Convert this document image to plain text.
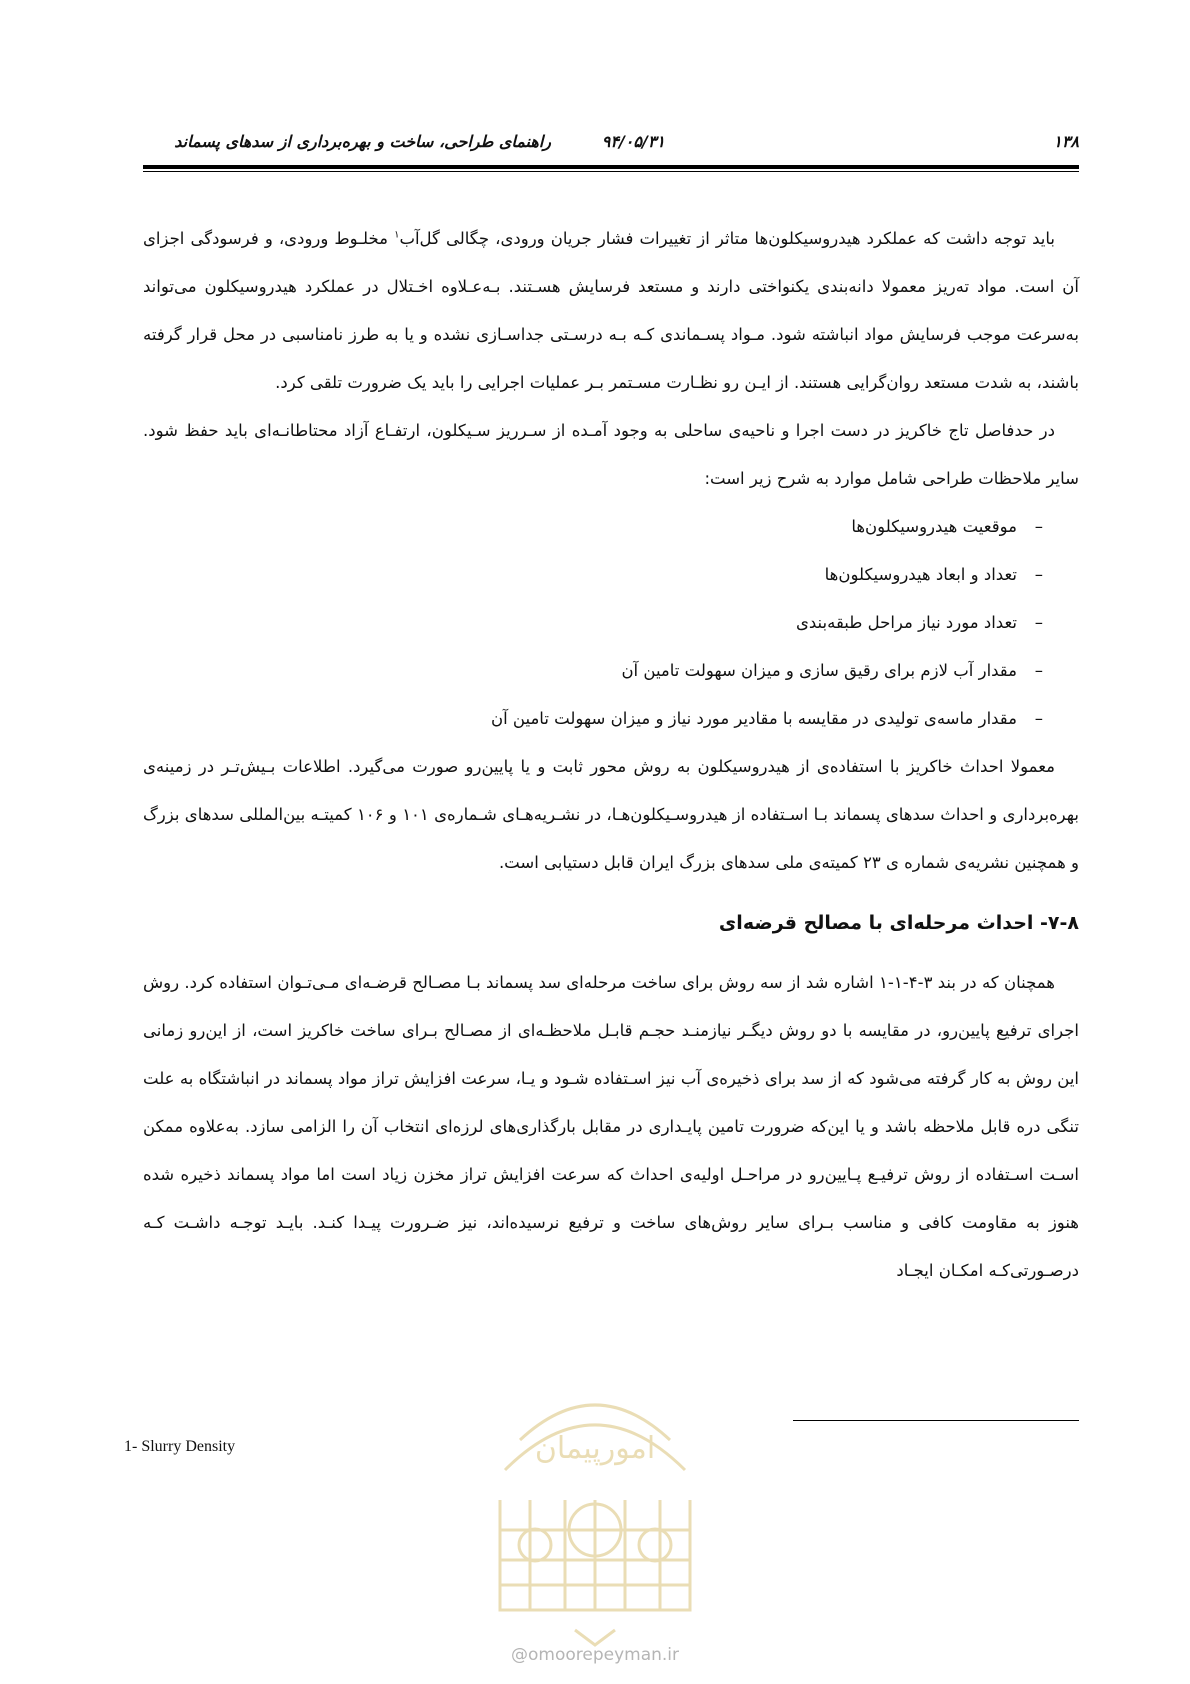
۱۳۸
۹۴/۰۵/۳۱
راهنمای طراحی، ساخت و بهره‌برداری از سدهای پسماند

باید توجه داشت که عملکرد هیدروسیکلون‌ها متاثر از تغییرات فشار جریان ورودی، چگالی گل‌آب$^۱$ مخلـوط ورودی، و فرسودگی اجزای آن است. مواد ته‌ریز معمولا دانه‌بندی یکنواختی دارند و مستعد فرسایش هسـتند. بـه‌عـلاوه اخـتلال در عملکرد هیدروسیکلون می‌تواند به‌سرعت موجب فرسایش مواد انباشته شود. مـواد پسـماندی کـه بـه درسـتی جداسـازی نشده و یا به طرز نامناسبی در محل قرار گرفته باشند، به شدت مستعد روان‌گرایی هستند. از ایـن رو نظـارت مسـتمر بـر عملیات اجرایی را باید یک ضرورت تلقی کرد.

در حدفاصل تاج خاکریز در دست اجرا و ناحیه‌ی ساحلی به وجود آمـده از سـرریز سـیکلون، ارتفـاع آزاد محتاطانـه‌ای باید حفظ شود. سایر ملاحظات طراحی شامل موارد به شرح زیر است:

–
موقعیت هیدروسیکلون‌ها
–
تعداد و ابعاد هیدروسیکلون‌ها
–
تعداد مورد نیاز مراحل طبقه‌بندی
–
مقدار آب لازم برای رقیق سازی و میزان سهولت تامین آن
–
مقدار ماسه‌ی تولیدی در مقایسه با مقادیر مورد نیاز و میزان سهولت تامین آن

معمولا احداث خاکریز با استفاده‌ی از هیدروسیکلون به روش محور ثابت و یا پایین‌رو صورت می‌گیرد. اطلاعات بـیش‌تـر در زمینه‌ی بهره‌برداری و احداث سدهای پسماند بـا اسـتفاده از هیدروسـیکلون‌هـا، در نشـریه‌هـای شـماره‌ی ۱۰۱ و ۱۰۶ کمیتـه بین‌المللی سدهای بزرگ و همچنین نشریه‌ی شماره ی ۲۳ کمیته‌ی ملی سدهای بزرگ ایران قابل دستیابی است.

۷-۸- احداث مرحله‌ای با مصالح قرضه‌ای

همچنان که در بند ۳-۴-۱-۱ اشاره شد از سه روش برای ساخت مرحله‌ای سد پسماند بـا مصـالح قرضـه‌ای مـی‌تـوان استفاده کرد. روش اجرای ترفیع پایین‌رو، در مقایسه با دو روش دیگـر نیازمنـد حجـم قابـل ملاحظـه‌ای از مصـالح بـرای ساخت خاکریز است، از این‌رو زمانی این روش به کار گرفته می‌شود که از سد برای ذخیره‌ی آب نیز اسـتفاده شـود و یـا، سرعت افزایش تراز مواد پسماند در انباشتگاه به علت تنگی دره قابل ملاحظه باشد و یا این‌که ضرورت تامین پایـداری در مقابل بارگذاری‌های لرزه‌ای انتخاب آن را الزامی سازد. به‌علاوه ممکن اسـت اسـتفاده از روش ترفیـع پـایین‌رو در مراحـل اولیه‌ی احداث که سرعت افزایش تراز مخزن زیاد است اما مواد پسماند ذخیره شده هنوز به مقاومت کافی و مناسب بـرای سایر روش‌های ساخت و ترفیع نرسیده‌اند، نیز ضـرورت پیـدا کنـد. بایـد توجـه داشـت کـه درصـورتی‌کـه امکـان ایجـاد

1- Slurry Density	امورپیمان
@omoorepeyman.ir
